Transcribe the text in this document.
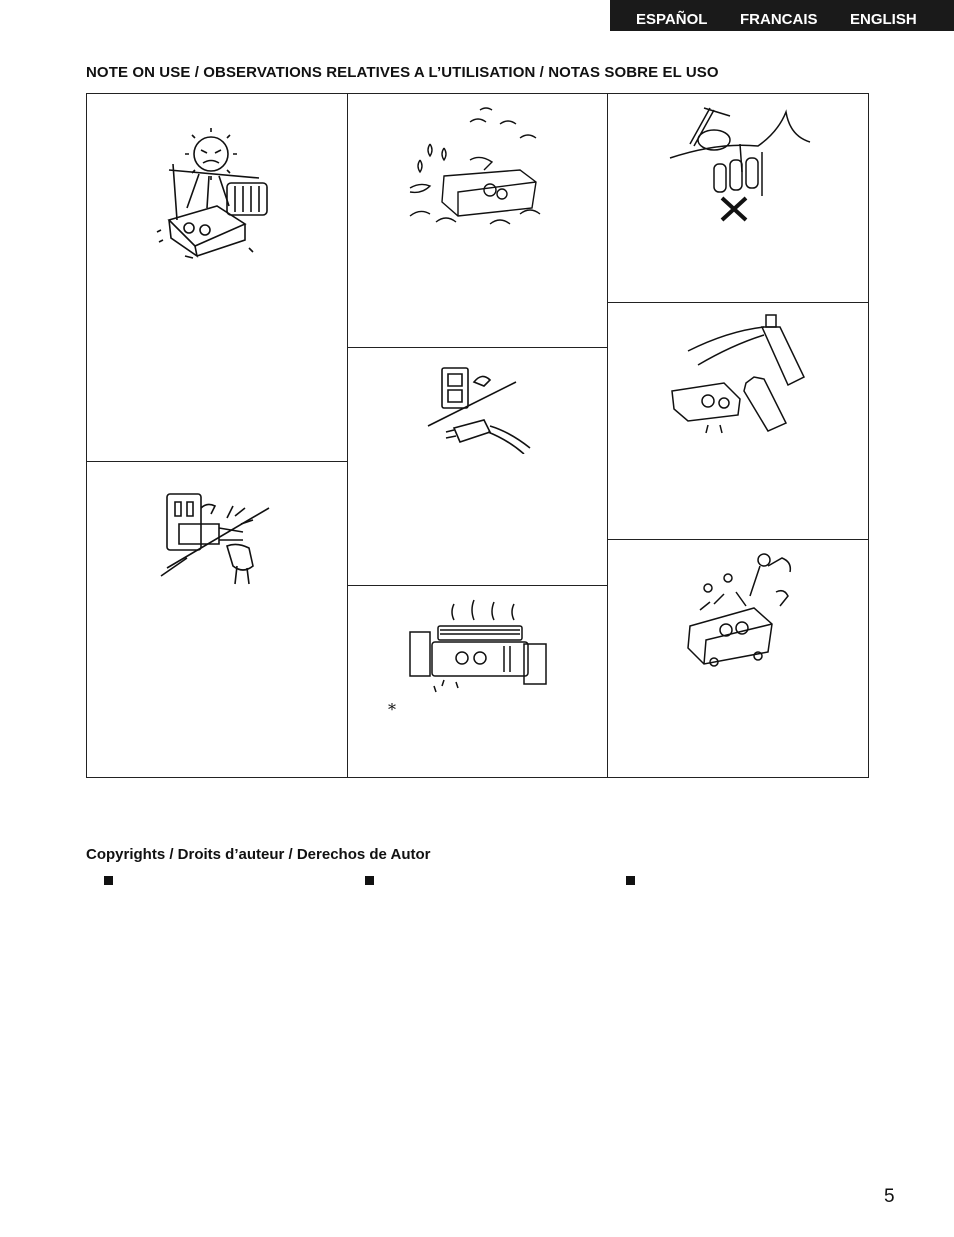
ESPAÑOL FRANCAIS ENGLISH
NOTE ON USE / OBSERVATIONS RELATIVES A L’UTILISATION / NOTAS SOBRE EL USO
*
Copyrights / Droits d’auteur / Derechos de Autor
5
